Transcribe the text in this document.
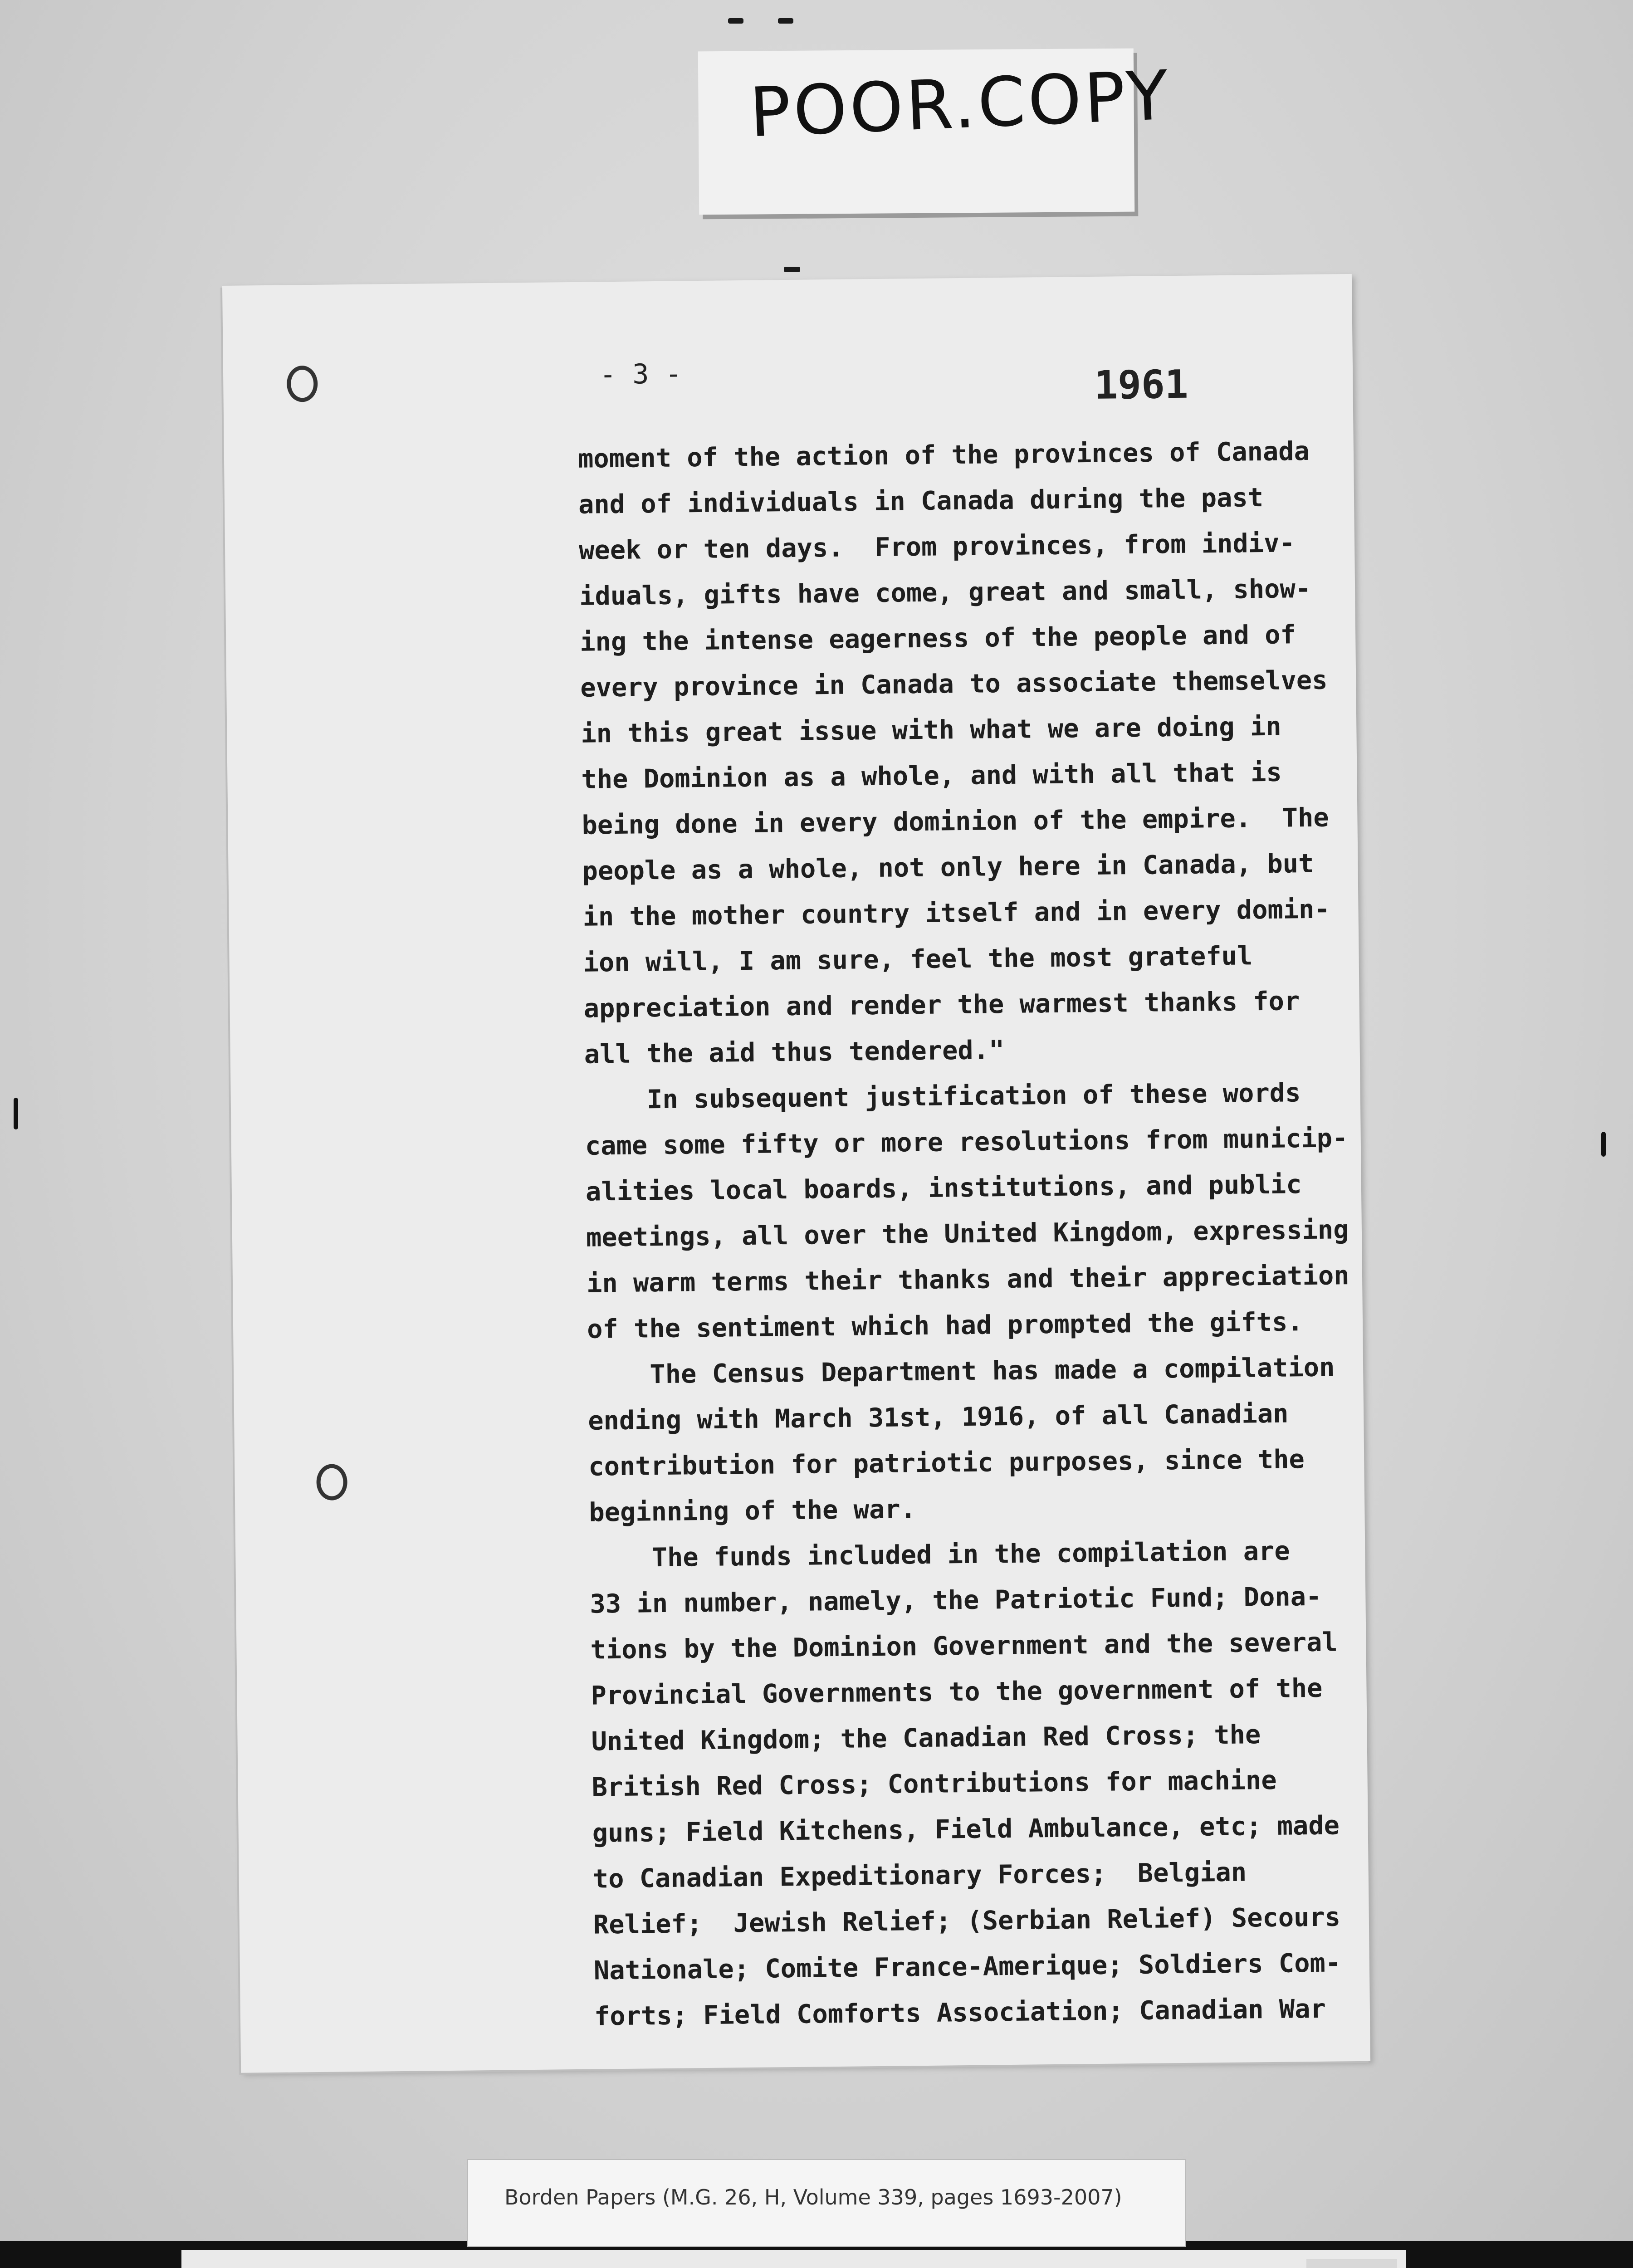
POOR.COPY
- 3 -	1961
moment of the action of the provinces of Canada
and of individuals in Canada during the past
week or ten days.  From provinces, from indiv-
iduals, gifts have come, great and small, show-
ing the intense eagerness of the people and of
every province in Canada to associate themselves
in this great issue with what we are doing in
the Dominion as a whole, and with all that is
being done in every dominion of the empire.  The
people as a whole, not only here in Canada, but
in the mother country itself and in every domin-
ion will, I am sure, feel the most grateful
appreciation and render the warmest thanks for
all the aid thus tendered."
In subsequent justification of these words
came some fifty or more resolutions from municip-
alities local boards, institutions, and public
meetings, all over the United Kingdom, expressing
in warm terms their thanks and their appreciation
of the sentiment which had prompted the gifts.
The Census Department has made a compilation
ending with March 31st, 1916, of all Canadian
contribution for patriotic purposes, since the
beginning of the war.
The funds included in the compilation are
33 in number, namely, the Patriotic Fund; Dona-
tions by the Dominion Government and the several
Provincial Governments to the government of the
United Kingdom; the Canadian Red Cross; the
British Red Cross; Contributions for machine
guns; Field Kitchens, Field Ambulance, etc; made
to Canadian Expeditionary Forces;  Belgian
Relief;  Jewish Relief; (Serbian Relief) Secours
Nationale; Comite France-Amerique; Soldiers Com-
forts; Field Comforts Association; Canadian War
Borden Papers (M.G. 26, H, Volume 339, pages 1693-2007)
